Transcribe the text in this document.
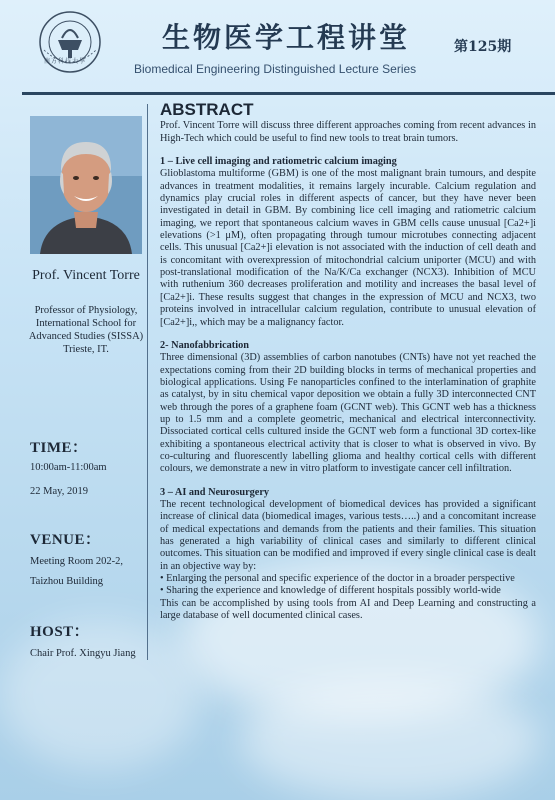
南方科技大學
生物医学工程讲堂	第125期
Biomedical Engineering Distinguished Lecture Series
Prof. Vincent Torre
Professor of Physiology, International School for Advanced Studies (SISSA) Trieste, IT.
TIME：
10:00am-11:00am
22 May, 2019
VENUE：
Meeting Room 202-2,
Taizhou Building
HOST：
Chair Prof. Xingyu Jiang
ABSTRACT

Prof. Vincent Torre will discuss three different approaches coming from recent advances in High-Tech which could be useful to find new tools to treat brain tumors.

1 – Live cell imaging and ratiometric calcium imaging

Glioblastoma multiforme (GBM) is one of the most malignant brain tumours, and despite advances in treatment modalities, it remains largely incurable. Calcium regulation and dynamics play crucial roles in different aspects of cancer, but they have never been investigated in detail in GBM. By combining lice cell imaging and ratiometric calcium imaging, we report that spontaneous calcium waves in GBM cells cause unusual [Ca2+]i elevations (>1 μM), often propagating through tumour microtubes connecting adjacent cells. This unusual [Ca2+]i elevation is not associated with the induction of cell death and is concomitant with overexpression of mitochondrial calcium uniporter (MCU) and with post-translational modification of the Na/K/Ca exchanger (NCX3). Inhibition of MCU with ruthenium 360 decreases proliferation and motility and increases the basal level of [Ca2+]i. These results suggest that changes in the expression of MCU and NCX3, two proteins involved in intracellular calcium regulation, contribute to unusual elevation of [Ca2+]i,, which may be a malignancy factor.

2- Nanofabbrication

Three dimensional (3D) assemblies of carbon nanotubes (CNTs) have not yet reached the expectations coming from their 2D building blocks in terms of mechanical properties and biological applications. Using Fe nanoparticles confined to the interlamination of graphite as catalyst, by in situ chemical vapor deposition we obtain a fully 3D interconnected CNT web through the pores of a graphene foam (GCNT web). This GCNT web has a thickness up to 1.5 mm and a complete geometric, mechanical and electrical interconnectivity. Dissociated cortical cells cultured inside the GCNT web form a functional 3D cortex-like exhibiting a spontaneous electrical activity that is closer to what is observed in vivo. By co-culturing and fluorescently labelling glioma and healthy cortical cells with different colours, we demonstrate a new in vitro platform to investigate cancer cell infiltration.

3 – AI and Neurosurgery

The recent technological development of biomedical devices has provided a significant increase of clinical data (biomedical images, various tests…..) and a concomitant increase of medical expectations and demands from the patients and their families. This situation has generated a high variability of clinical cases and similarly to different clinical outcomes. This situation can be modified and improved if every single clinical case is dealt in an objective way by:

• Enlarging the personal and specific experience of the doctor in a broader perspective

• Sharing the experience and knowledge of different hospitals possibly world-wide

This can be accomplished by using tools from AI and Deep Learning and constructing a large database of well documented clinical cases.
